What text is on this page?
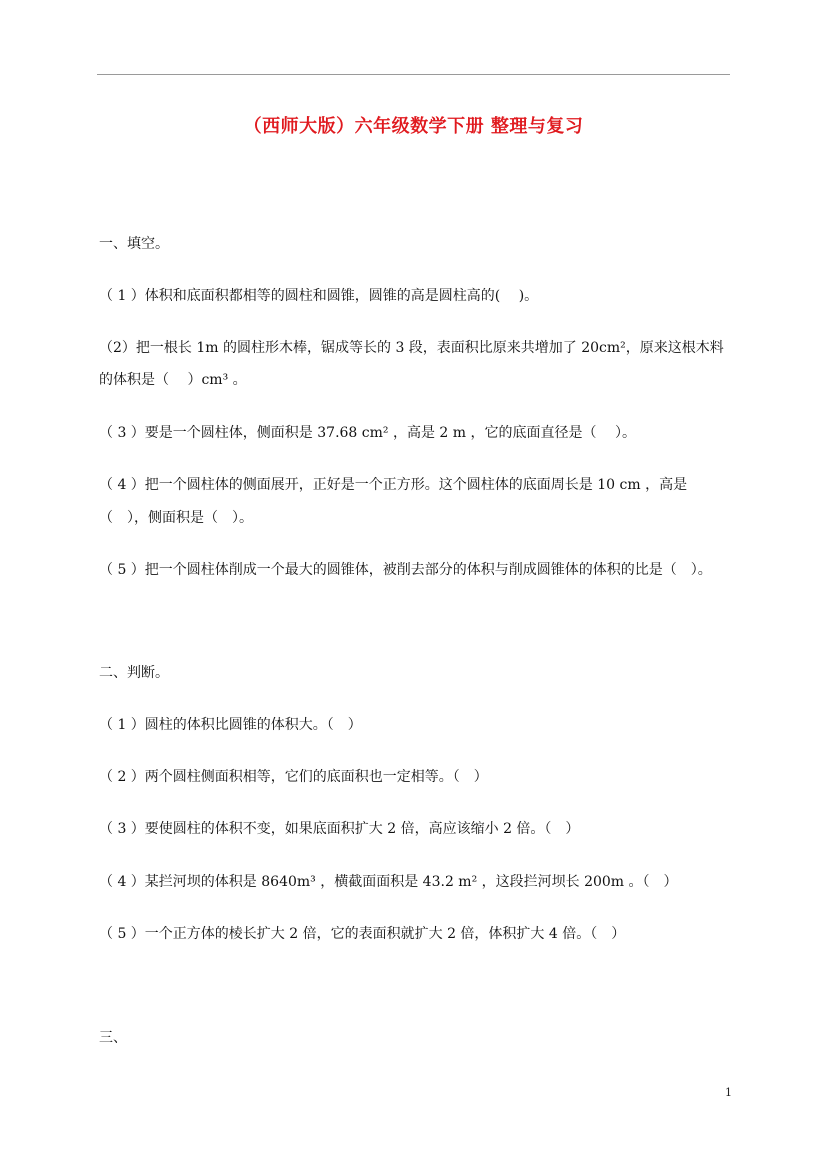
（西师大版）六年级数学下册 整理与复习
一、填空。
（ 1 ）体积和底面积都相等的圆柱和圆锥，圆锥的高是圆柱高的(　 )。
（2）把一根长 1m 的圆柱形木棒，锯成等长的 3 段，表面积比原来共增加了 20cm²，原来这根木料
的体积是（　 ）cm³ 。
（ 3 ）要是一个圆柱体，侧面积是 37.68 cm² ，高是 2 m ，它的底面直径是（　 ）。
（ 4 ）把一个圆柱体的侧面展开，正好是一个正方形。这个圆柱体的底面周长是 10 cm ，高是
（　），侧面积是（　）。
（ 5 ）把一个圆柱体削成一个最大的圆锥体，被削去部分的体积与削成圆锥体的体积的比是（　）。
二、判断。
（ 1 ）圆柱的体积比圆锥的体积大。（　）
（ 2 ）两个圆柱侧面积相等，它们的底面积也一定相等。（　）
（ 3 ）要使圆柱的体积不变，如果底面积扩大 2 倍，高应该缩小 2 倍。（　）
（ 4 ）某拦河坝的体积是 8640m³ ，横截面面积是 43.2 m² ，这段拦河坝长 200m 。（　）
（ 5 ）一个正方体的棱长扩大 2 倍，它的表面积就扩大 2 倍，体积扩大 4 倍。（　）
三、
1
